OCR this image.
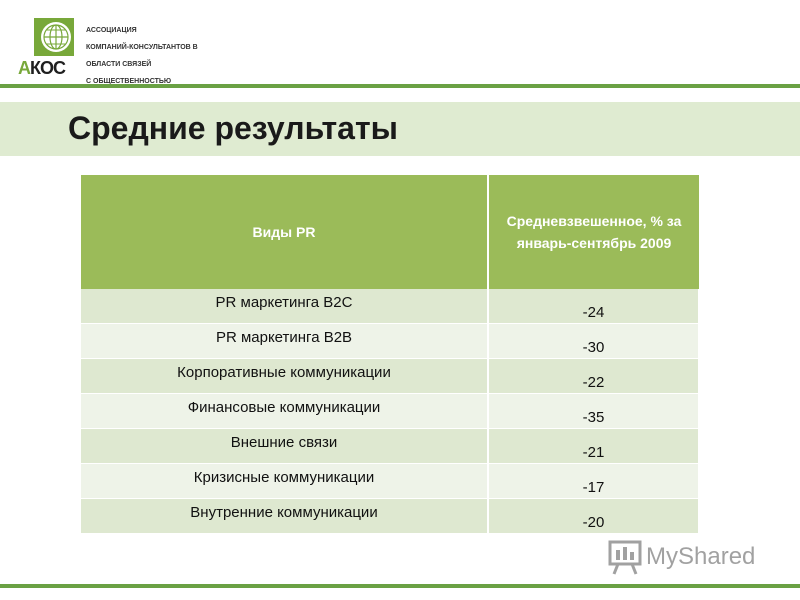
АССОЦИАЦИЯ

КОМПАНИЙ-КОНСУЛЬТАНТОВ В

ОБЛАСТИ СВЯЗЕЙ

С ОБЩЕСТВЕННОСТЬЮ

АКОС
Средние результаты
Виды PR	Средневзвешенное, % за январь-сентябрь 2009
PR маркетинга B2C	-24
PR маркетинга B2B	-30
Корпоративные коммуникации	-22
Финансовые коммуникации	-35
Внешние связи	-21
Кризисные коммуникации	-17
Внутренние коммуникации	-20
MyShared
